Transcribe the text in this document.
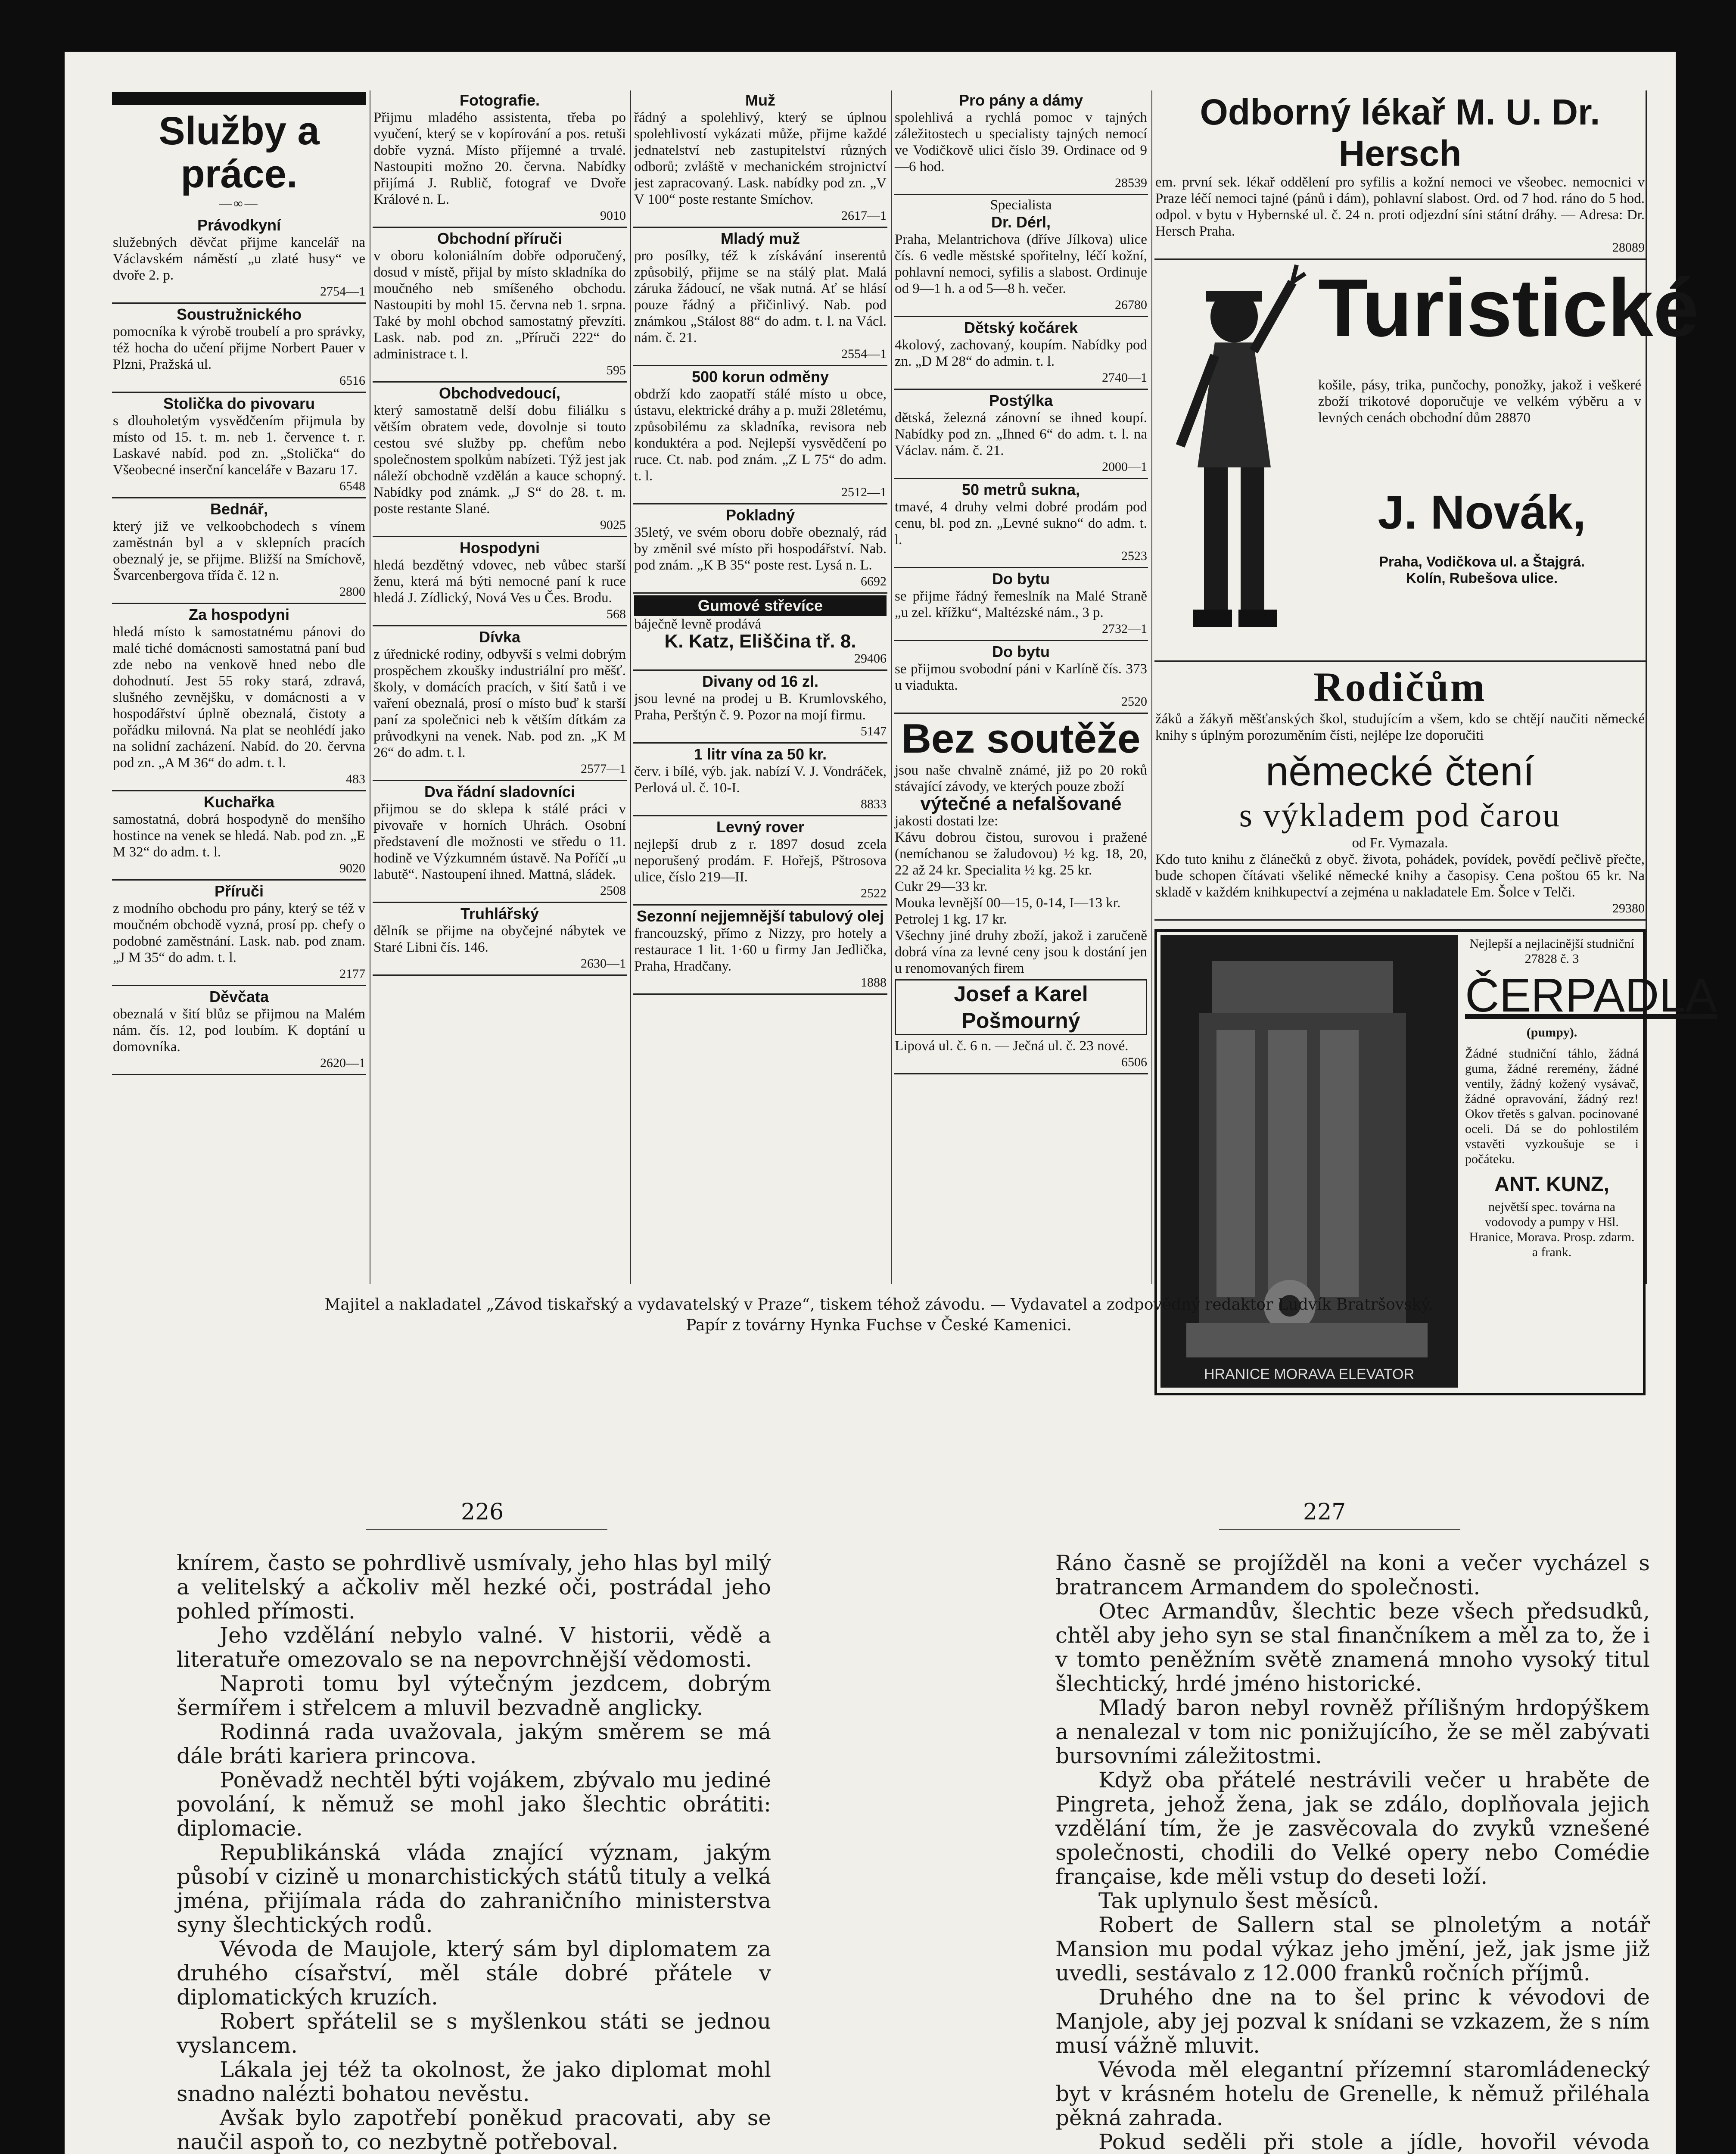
Služby a práce.

—∞—

Právodkyní

služebných děvčat přijme kancelář na Václavském náměstí „u zlaté husy“ ve dvoře 2. p.

2754—1

Soustružnického

pomocníka k výrobě troubelí a pro správky, též hocha do učení přijme Norbert Pauer v Plzni, Pražská ul.

6516

Stolička do pivovaru

s dlouholetým vysvědčením přijmula by místo od 15. t. m. neb 1. července t. r. Laskavé nabíd. pod zn. „Stolička“ do Všeobecné inserční kanceláře v Bazaru 17.

6548

Bednář,

který již ve velkoobchodech s vínem zaměstnán byl a v sklepních pracích obeznalý je, se přijme. Bližší na Smíchově, Švarcenbergova třída č. 12 n.

2800

Za hospodyni

hledá místo k samostatnému pánovi do malé tiché domácnosti samostatná paní bud zde nebo na venkově hned nebo dle dohodnutí. Jest 55 roky stará, zdravá, slušného zevnějšku, v domácnosti a v hospodářství úplně obeznalá, čistoty a pořádku milovná. Na plat se neohlédí jako na solidní zacházení. Nabíd. do 20. června pod zn. „A M 36“ do adm. t. l.

483

Kuchařka

samostatná, dobrá hospodyně do menšího hostince na venek se hledá. Nab. pod zn. „E M 32“ do adm. t. l.

9020

Příruči

z modního obchodu pro pány, který se též v moučném obchodě vyzná, prosí pp. chefy o podobné zaměstnání. Lask. nab. pod znam. „J M 35“ do adm. t. l.

2177

Děvčata

obeznalá v šití blůz se přijmou na Malém nám. čís. 12, pod loubím. K doptání u domovníka.

2620—1

Fotografie.

Přijmu mladého assistenta, třeba po vyučení, který se v kopírování a pos. retuši dobře vyzná. Místo příjemné a trvalé. Nastoupiti možno 20. června. Nabídky přijímá J. Rublič, fotograf ve Dvoře Králové n. L.

9010

Obchodní příruči

v oboru koloniálním dobře odporučený, dosud v místě, přijal by místo skladníka do moučného neb smíšeného obchodu. Nastoupiti by mohl 15. června neb 1. srpna. Také by mohl obchod samostatný převzíti. Lask. nab. pod zn. „Příruči 222“ do administrace t. l.

595

Obchodvedoucí,

který samostatně delší dobu filiálku s větším obratem vede, dovolnje si touto cestou své služby pp. chefům nebo společnostem spolkům nabízeti. Týž jest jak náleží obchodně vzdělán a kauce schopný. Nabídky pod známk. „J S“ do 28. t. m. poste restante Slané.

9025

Hospodyni

hledá bezdětný vdovec, neb vůbec starší ženu, která má býti nemocné paní k ruce hledá J. Zídlický, Nová Ves u Čes. Brodu.

568

Dívka

z úřednické rodiny, odbyvší s velmi dobrým prospěchem zkoušky industriální pro měšť. školy, v domácích pracích, v šití šatů i ve vaření obeznalá, prosí o místo buď k starší paní za společnici neb k větším dítkám za průvodkyni na venek. Nab. pod zn. „K M 26“ do adm. t. l.

2577—1

Dva řádní sladovníci

přijmou se do sklepa k stálé práci v pivovaře v horních Uhrách. Osobní představení dle možnosti ve středu o 11. hodině ve Výzkumném ústavě. Na Poříčí „u labutě“. Nastoupení ihned. Mattná, sládek.

2508

Truhlářský

dělník se přijme na obyčejné nábytek ve Staré Libni čís. 146.

2630—1

Muž

řádný a spolehlivý, který se úplnou spolehlivostí vykázati může, přijme každé jednatelství neb zastupitelství různých odborů; zvláště v mechanickém strojnictví jest zapracovaný. Lask. nabídky pod zn. „V V 100“ poste restante Smíchov.

2617—1

Mladý muž

pro posílky, též k získávání inserentů způsobilý, přijme se na stálý plat. Malá záruka žádoucí, ne však nutná. Ať se hlásí pouze řádný a přičinlivý. Nab. pod známkou „Stálost 88“ do adm. t. l. na Václ. nám. č. 21.

2554—1

500 korun odměny

obdrží kdo zaopatří stálé místo u obce, ústavu, elektrické dráhy a p. muži 28letému, způsobilému za skladníka, revisora neb konduktéra a pod. Nejlepší vysvědčení po ruce. Ct. nab. pod znám. „Z L 75“ do adm. t. l.

2512—1

Pokladný

35letý, ve svém oboru dobře obeznalý, rád by změnil své místo při hospodářství. Nab. pod znám. „K B 35“ poste rest. Lysá n. L.

6692
Gumové střevíce

báječně levně prodává

K. Katz, Eliščina tř. 8.

29406

Divany od 16 zl.

jsou levné na prodej u B. Krumlovského, Praha, Perštýn č. 9. Pozor na mojí firmu.

5147

1 litr vína za 50 kr.

červ. i bílé, výb. jak. nabízí V. J. Vondráček, Perlová ul. č. 10-I.

8833

Levný rover

nejlepší drub z r. 1897 dosud zcela neporušený prodám. F. Hořejš, Pštrosova ulice, číslo 219—II.

2522

Sezonní nejjemnější tabulový olej

francouzský, přímo z Nizzy, pro hotely a restaurace 1 lit. 1·60 u firmy Jan Jedlička, Praha, Hradčany.

1888

Pro pány a dámy

spolehlivá a rychlá pomoc v tajných záležitostech u specialisty tajných nemocí ve Vodičkově ulici číslo 39. Ordinace od 9—6 hod.

28539
Specialista

Dr. Dérl,

Praha, Melantrichova (dříve Jílkova) ulice čís. 6 vedle městské spořitelny, léčí kožní, pohlavní nemoci, syfilis a slabost. Ordinuje od 9—1 h. a od 5—8 h. večer.

26780

Dětský kočárek

4kolový, zachovaný, koupím. Nabídky pod zn. „D M 28“ do admin. t. l.

2740—1

Postýlka

dětská, železná zánovní se ihned koupí. Nabídky pod zn. „Ihned 6“ do adm. t. l. na Václav. nám. č. 21.

2000—1

50 metrů sukna,

tmavé, 4 druhy velmi dobré prodám pod cenu, bl. pod zn. „Levné sukno“ do adm. t. l.

2523

Do bytu

se přijme řádný řemeslník na Malé Straně „u zel. křížku“, Maltézské nám., 3 p.

2732—1

Do bytu

se přijmou svobodní páni v Karlíně čís. 373 u viadukta.

2520

Bez soutěže

jsou naše chvalně známé, již po 20 roků stávající závody, ve kterých pouze zboží

výtečné a nefalšované

jakosti dostati lze:

Kávu dobrou čistou, surovou i pražené (nemíchanou se žaludovou) ½ kg. 18, 20, 22 až 24 kr. Specialita ½ kg. 25 kr.

Cukr 29—33 kr.

Mouka levnější 00—15, 0-14, I—13 kr.

Petrolej 1 kg. 17 kr.

Všechny jiné druhy zboží, jakož i zaručeně dobrá vína za levné ceny jsou k dostání jen u renomovaných firem

Josef a Karel Pošmourný

Lipová ul. č. 6 n. — Ječná ul. č. 23 nové.

6506

Odborný lékař M. U. Dr. Hersch

em. první sek. lékař oddělení pro syfilis a kožní nemoci ve všeobec. nemocnici v Praze léčí nemoci tajné (pánů i dám), pohlavní slabost. Ord. od 7 hod. ráno do 5 hod. odpol. v bytu v Hybernské ul. č. 24 n. proti odjezdní síni státní dráhy. — Adresa: Dr. Hersch Praha.

28089

Turistické

košile, pásy, trika, punčochy, ponožky, jakož i veškeré zboží trikotové doporučuje ve velkém výběru a v levných cenách obchodní dům 28870

J. Novák,

Praha, Vodičkova ul. a Štajgrá.
Kolín, Rubešova ulice.

Rodičům

žáků a žákyň měšťanských škol, studujícím a všem, kdo se chtějí naučiti německé knihy s úplným porozuměním čísti, nejlépe lze doporučiti

německé čtení

s výkladem pod čarou

od Fr. Vymazala.

Kdo tuto knihu z článečků z obyč. života, pohádek, povídek, povědí pečlivě přečte, bude schopen čítávati všeliké německé knihy a časopisy. Cena poštou 65 kr. Na skladě v každém knihkupectví a zejména u nakladatele Em. Šolce v Telči.

29380
HRANICE MORAVA ELEVATOR
Nejlepší a nejlacinější studniční 27828 č. 3
ČERPADLA
(pumpy).

Žádné studniční táhlo, žádná guma, žádné reremény, žádné ventily, žádný kožený vysávač, žádné opravování, žádný rez! Okov třetěs s galvan. pocinované oceli. Dá se do pohlostilém vstavěti vyzkoušuje se i počáteku.

ANT. KUNZ,

největší spec. továrna na vodovody a pumpy v Hšl. Hranice, Morava. Prosp. zdarm. a frank.

Majitel a nakladatel „Závod tiskařský a vydavatelský v Praze“, tiskem téhož závodu. — Vydavatel a zodpovědný redaktor Ludvík Bratršovský.
Papír z továrny Hynka Fuchse v České Kamenici.
226	227

knírem, často se pohrdlivě usmívaly, jeho hlas byl milý a velitelský a ačkoliv měl hezké oči, postrádal jeho pohled přímosti.

Jeho vzdělání nebylo valné. V historii, vědě a literatuře omezovalo se na nepovrchnější vědomosti.

Naproti tomu byl výtečným jezdcem, dobrým šermířem i střelcem a mluvil bezvadně anglicky.

Rodinná rada uvažovala, jakým směrem se má dále bráti kariera princova.

Poněvadž nechtěl býti vojákem, zbývalo mu jediné povolání, k němuž se mohl jako šlechtic obrátiti: diplomacie.

Republikánská vláda znající význam, jakým působí v cizině u monarchistických států tituly a velká jména, přijímala ráda do zahraničního ministerstva syny šlechtických rodů.

Vévoda de Maujole, který sám byl diplomatem za druhého císařství, měl stále dobré přátele v diplomatických kruzích.

Robert spřátelil se s myšlenkou státi se jednou vyslancem.

Lákala jej též ta okolnost, že jako diplomat mohl snadno nalézti bohatou nevěstu.

Avšak bylo zapotřebí poněkud pracovati, aby se naučil aspoň to, co nezbytně potřeboval.

Ráno časně se projížděl na koni a večer vycházel s bratrancem Armandem do společnosti.

Otec Armandův, šlechtic beze všech předsudků, chtěl aby jeho syn se stal finančníkem a měl za to, že i v tomto peněžním světě znamená mnoho vysoký titul šlechtický, hrdé jméno historické.

Mladý baron nebyl rovněž přílišným hrdopýškem a nenalezal v tom nic ponižujícího, že se měl zabývati bursovními záležitostmi.

Když oba přátelé nestrávili večer u hraběte de Pingreta, jehož žena, jak se zdálo, doplňovala jejich vzdělání tím, že je zasvěcovala do zvyků vznešené společnosti, chodili do Velké opery nebo Comédie française, kde měli vstup do deseti loží.

Tak uplynulo šest měsíců.

Robert de Sallern stal se plnoletým a notář Mansion mu podal výkaz jeho jmění, jež, jak jsme již uvedli, sestávalo z 12.000 franků ročních příjmů.

Druhého dne na to šel princ k vévodovi de Manjole, aby jej pozval k snídani se vzkazem, že s ním musí vážně mluvit.

Vévoda měl elegantní přízemní staromládenecký byt v krásném hotelu de Grenelle, k němuž přiléhala pěkná zahrada.

Pokud seděli při stole a jídle, hovořil vévoda
